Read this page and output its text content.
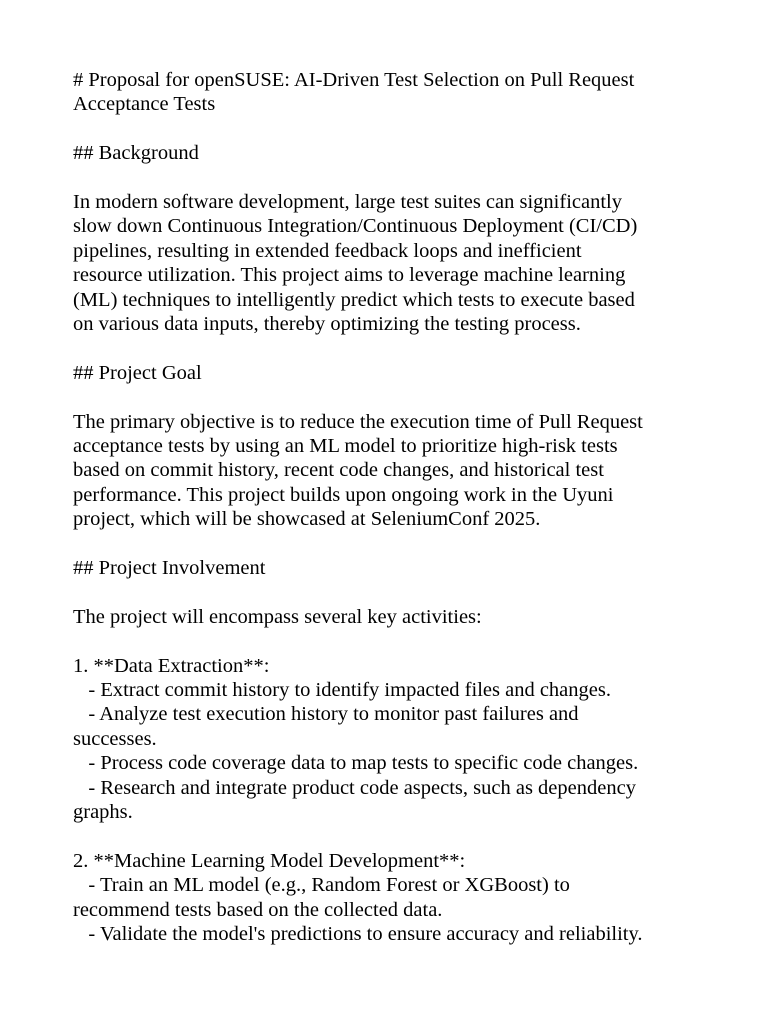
# Proposal for openSUSE: AI-Driven Test Selection on Pull Request

Acceptance Tests

## Background

In modern software development, large test suites can significantly

slow down Continuous Integration/Continuous Deployment (CI/CD)

pipelines, resulting in extended feedback loops and inefficient

resource utilization. This project aims to leverage machine learning

(ML) techniques to intelligently predict which tests to execute based

on various data inputs, thereby optimizing the testing process.

## Project Goal

The primary objective is to reduce the execution time of Pull Request

acceptance tests by using an ML model to prioritize high-risk tests

based on commit history, recent code changes, and historical test

performance. This project builds upon ongoing work in the Uyuni

project, which will be showcased at SeleniumConf 2025.

## Project Involvement

The project will encompass several key activities:

1. **Data Extraction**:

- Extract commit history to identify impacted files and changes.

- Analyze test execution history to monitor past failures and

successes.

- Process code coverage data to map tests to specific code changes.

- Research and integrate product code aspects, such as dependency

graphs.

2. **Machine Learning Model Development**:

- Train an ML model (e.g., Random Forest or XGBoost) to

recommend tests based on the collected data.

- Validate the model's predictions to ensure accuracy and reliability.
